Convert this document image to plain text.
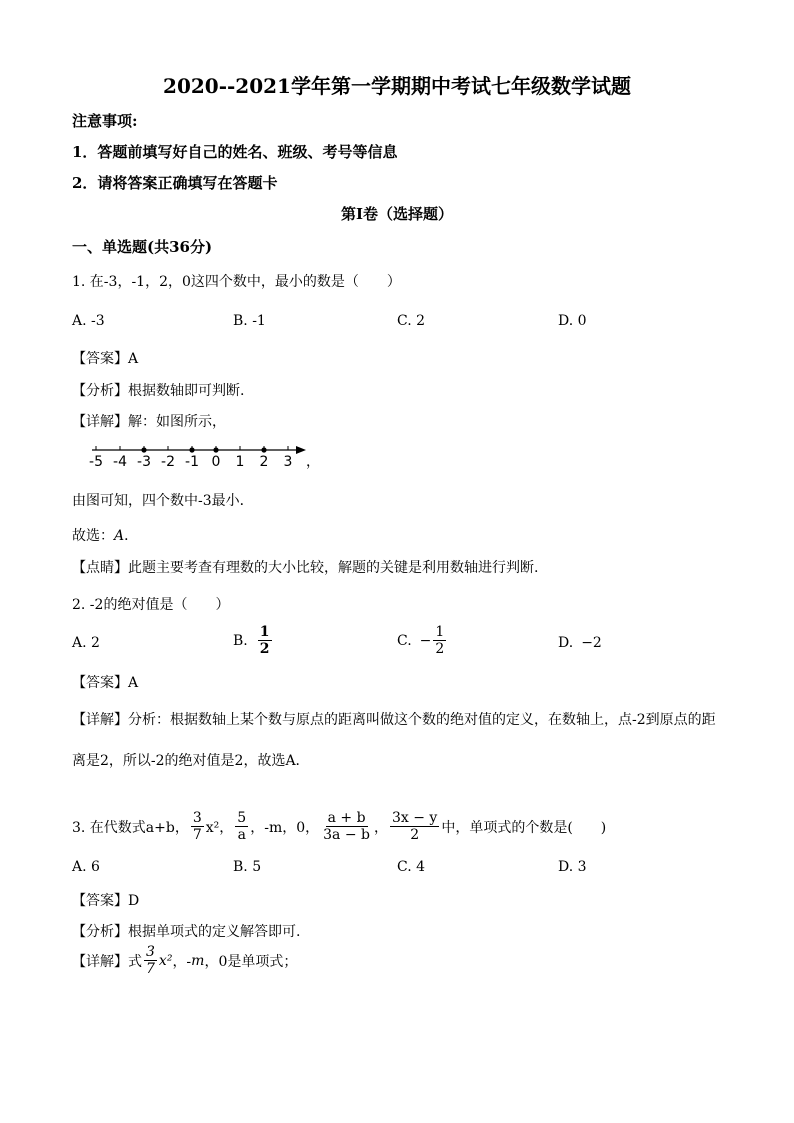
2020--2021学年第一学期期中考试七年级数学试题
注意事项:
1．答题前填写好自己的姓名、班级、考号等信息
2．请将答案正确填写在答题卡
第I卷（选择题）
一、单选题(共36分)
1. 在-3，-1，2，0这四个数中，最小的数是（　　）
A. -3	B. -1	C. 2	D. 0
【答案】A
【分析】根据数轴即可判断.
【详解】解：如图所示，
-5 -4 -3 -2 -1 0 1 2 3 ，
由图可知，四个数中-3最小．
故选：A．
【点睛】此题主要考查有理数的大小比较，解题的关键是利用数轴进行判断.
2. -2的绝对值是（　　）
A. 2	B. $\frac{1}{2}$	C. − $\frac{1}{2}$	D. −2
【答案】A
【详解】分析：根据数轴上某个数与原点的距离叫做这个数的绝对值的定义，在数轴上，点-2到原点的距
离是2，所以-2的绝对值是2，故选A．
3. 在代数式a+b， $\frac{3}{7} x^2$， $\frac{5}{a}$ ，-m，0， $\frac{a + b}{3a - b}$ ， $\frac{3x - y}{2}$ 中，单项式的个数是(　　)
A. 6	B. 5	C. 4	D. 3
【答案】D
【分析】根据单项式的定义解答即可.
【详解】式 $\frac{3}{7} x^2$ ，- m ，0是单项式；
